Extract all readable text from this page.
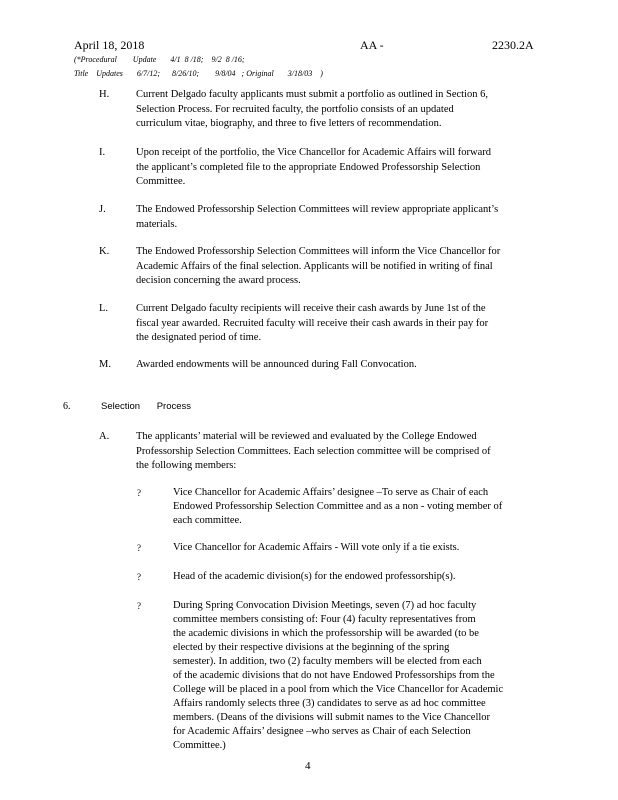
April 18, 2018	AA -	2230.2A
(*Procedural        Update       4/1  8 /18;    9/2  8 /16;
Title    Updates       6/7/12;      8/26/10;        9/8/04   ; Original       3/18/03    )
H.	Current Delgado faculty applicants must submit a portfolio as outlined in Section 6,
Selection Process. For recruited faculty, the portfolio consists of an updated
curriculum vitae, biography, and three to five letters of recommendation.
I.	Upon receipt of the portfolio, the Vice Chancellor for Academic Affairs will forward
the applicant’s completed file to the appropriate Endowed Professorship Selection
Committee.
J.	The Endowed Professorship Selection Committees will review appropriate applicant’s
materials.
K.	The Endowed Professorship Selection Committees will inform the Vice Chancellor for
Academic Affairs of the final selection. Applicants will be notified in writing of final
decision concerning the award process.
L.	Current Delgado faculty recipients will receive their cash awards by June 1st of the
fiscal year awarded. Recruited faculty will receive their cash awards in their pay for
the designated period of time.
M. Awarded endowments will be announced during Fall Convocation.
6.	Selection Process
A.	The applicants’ material will be reviewed and evaluated by the College Endowed
Professorship Selection Committees. Each selection committee will be comprised of
the following members:
?	Vice Chancellor for Academic Affairs’ designee –To serve as Chair of each
Endowed Professorship Selection Committee and as a non - voting member of
each committee.
?	Vice Chancellor for Academic Affairs - Will vote only if a tie exists.
?	Head of the academic division(s) for the endowed professorship(s).
?	During Spring Convocation Division Meetings, seven (7) ad hoc faculty
committee members consisting of: Four (4) faculty representatives from
the academic divisions in which the professorship will be awarded (to be
elected by their respective divisions at the beginning of the spring
semester). In addition, two (2) faculty members will be elected from each
of the academic divisions that do not have Endowed Professorships from the
College will be placed in a pool from which the Vice Chancellor for Academic
Affairs randomly selects three (3) candidates to serve as ad hoc committee
members. (Deans of the divisions will submit names to the Vice Chancellor
for Academic Affairs’ designee –who serves as Chair of each Selection
Committee.)
4
